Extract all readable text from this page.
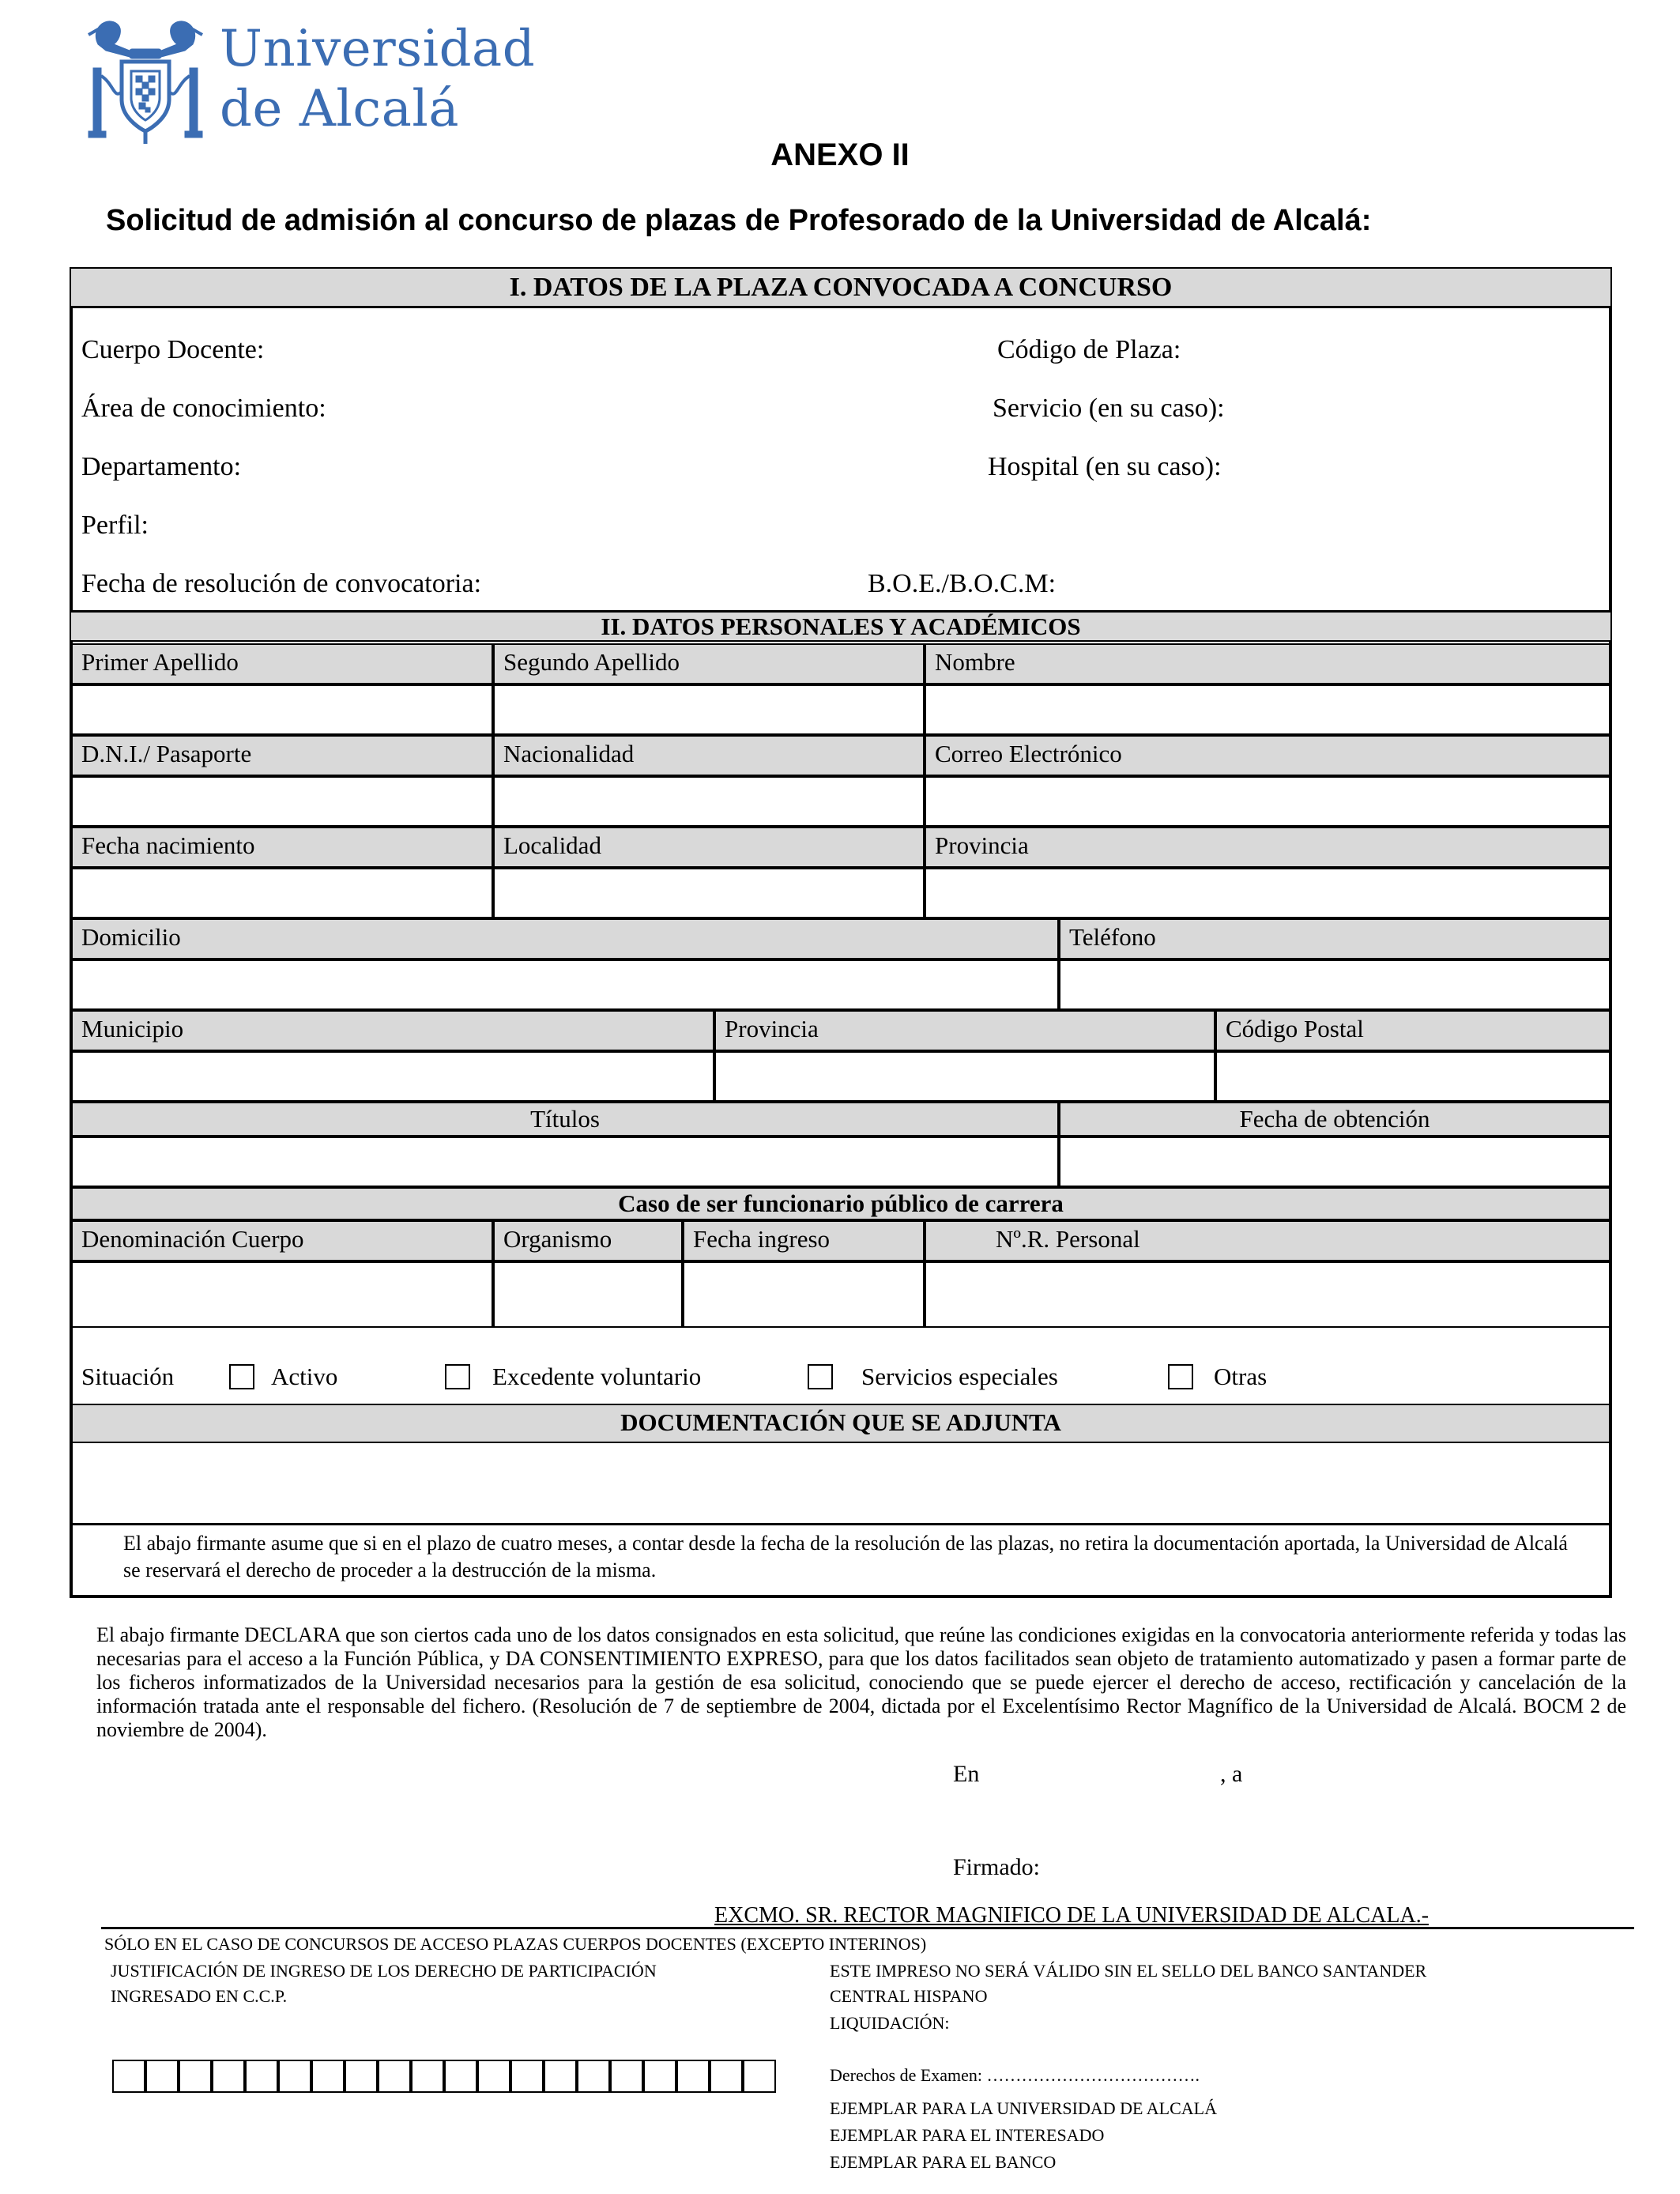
Universidad
de Alcalá
ANEXO II
Solicitud de admisión al concurso de plazas de Profesorado de la Universidad de Alcalá:
I. DATOS DE LA PLAZA CONVOCADA A CONCURSO
Cuerpo Docente:	Código de Plaza:
Área de conocimiento:	Servicio (en su caso):
Departamento:	Hospital (en su caso):
Perfil:
Fecha de resolución de convocatoria:	B.O.E./B.O.C.M:
II. DATOS PERSONALES Y ACADÉMICOS
Primer Apellido	Segundo Apellido	Nombre
D.N.I./ Pasaporte	Nacionalidad	Correo Electrónico
Fecha nacimiento	Localidad	Provincia
Domicilio	Teléfono
Municipio	Provincia	Código Postal
Títulos	Fecha de obtención
Caso de ser funcionario público de carrera
Denominación Cuerpo	Organismo	Fecha ingreso	Nº.R. Personal
Situación	Activo	Excedente voluntario	Servicios especiales	Otras
DOCUMENTACIÓN QUE SE ADJUNTA
El abajo firmante asume que si en el plazo de cuatro meses, a contar desde la fecha de la resolución de las plazas, no retira la documentación aportada, la Universidad de Alcalá se reservará el derecho de proceder a la destrucción de la misma.
El abajo firmante DECLARA que son ciertos cada uno de los datos consignados en esta solicitud, que reúne las condiciones exigidas en la convocatoria anteriormente referida y todas las necesarias para el acceso a la Función Pública, y DA CONSENTIMIENTO EXPRESO, para que los datos facilitados sean objeto de tratamiento automatizado y pasen a formar parte de los ficheros informatizados de la Universidad necesarios para la gestión de esa solicitud, conociendo que se puede ejercer el derecho de acceso, rectificación y cancelación de la información tratada ante el responsable del fichero. (Resolución de 7 de septiembre de 2004, dictada por el Excelentísimo Rector Magnífico de la Universidad de Alcalá. BOCM 2 de noviembre de 2004).
En	, a
Firmado:
EXCMO. SR. RECTOR MAGNIFICO DE LA UNIVERSIDAD DE ALCALA.-
SÓLO EN EL CASO DE CONCURSOS DE ACCESO PLAZAS CUERPOS DOCENTES (EXCEPTO INTERINOS)
JUSTIFICACIÓN DE INGRESO DE LOS DERECHO DE PARTICIPACIÓN
INGRESADO EN C.C.P.
ESTE IMPRESO NO SERÁ VÁLIDO SIN EL SELLO DEL BANCO SANTANDER
CENTRAL HISPANO
LIQUIDACIÓN:
Derechos de Examen: ……………………………….
EJEMPLAR PARA LA UNIVERSIDAD DE ALCALÁ
EJEMPLAR PARA EL INTERESADO
EJEMPLAR PARA EL BANCO
